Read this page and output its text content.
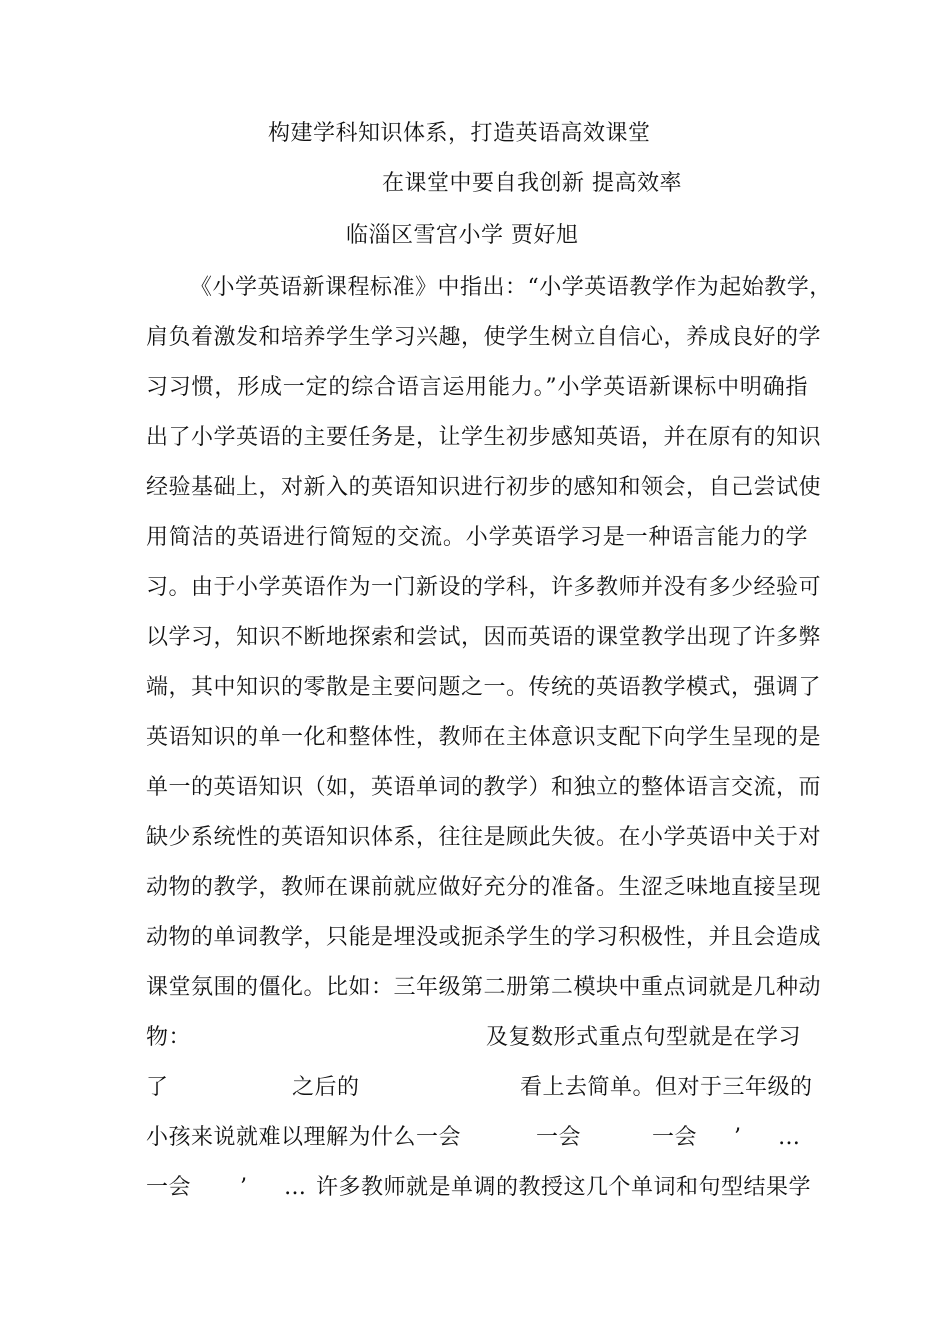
构建学科知识体系，打造英语高效课堂
在课堂中要自我创新 提高效率
临淄区雪宫小学 贾好旭
《小学英语新课程标准》中指出：“小学英语教学作为起始教学，
肩负着激发和培养学生学习兴趣，使学生树立自信心，养成良好的学
习习惯，形成一定的综合语言运用能力。”小学英语新课标中明确指
出了小学英语的主要任务是，让学生初步感知英语，并在原有的知识
经验基础上，对新入的英语知识进行初步的感知和领会，自己尝试使
用简洁的英语进行简短的交流。小学英语学习是一种语言能力的学
习。由于小学英语作为一门新设的学科，许多教师并没有多少经验可
以学习，知识不断地探索和尝试，因而英语的课堂教学出现了许多弊
端，其中知识的零散是主要问题之一。传统的英语教学模式，强调了
英语知识的单一化和整体性，教师在主体意识支配下向学生呈现的是
单一的英语知识（如，英语单词的教学）和独立的整体语言交流，而
缺少系统性的英语知识体系，往往是顾此失彼。在小学英语中关于对
动物的教学，教师在课前就应做好充分的准备。生涩乏味地直接呈现
动物的单词教学，只能是埋没或扼杀学生的学习积极性，并且会造成
课堂氛围的僵化。比如：三年级第二册第二模块中重点词就是几种动
物：	及复数形式重点句型就是在学习
了	之后的	看上去简单。但对于三年级的
小孩来说就难以理解为什么一会	一会	一会 ’ …
一会 ’ … 许多教师就是单调的教授这几个单词和句型结果学
